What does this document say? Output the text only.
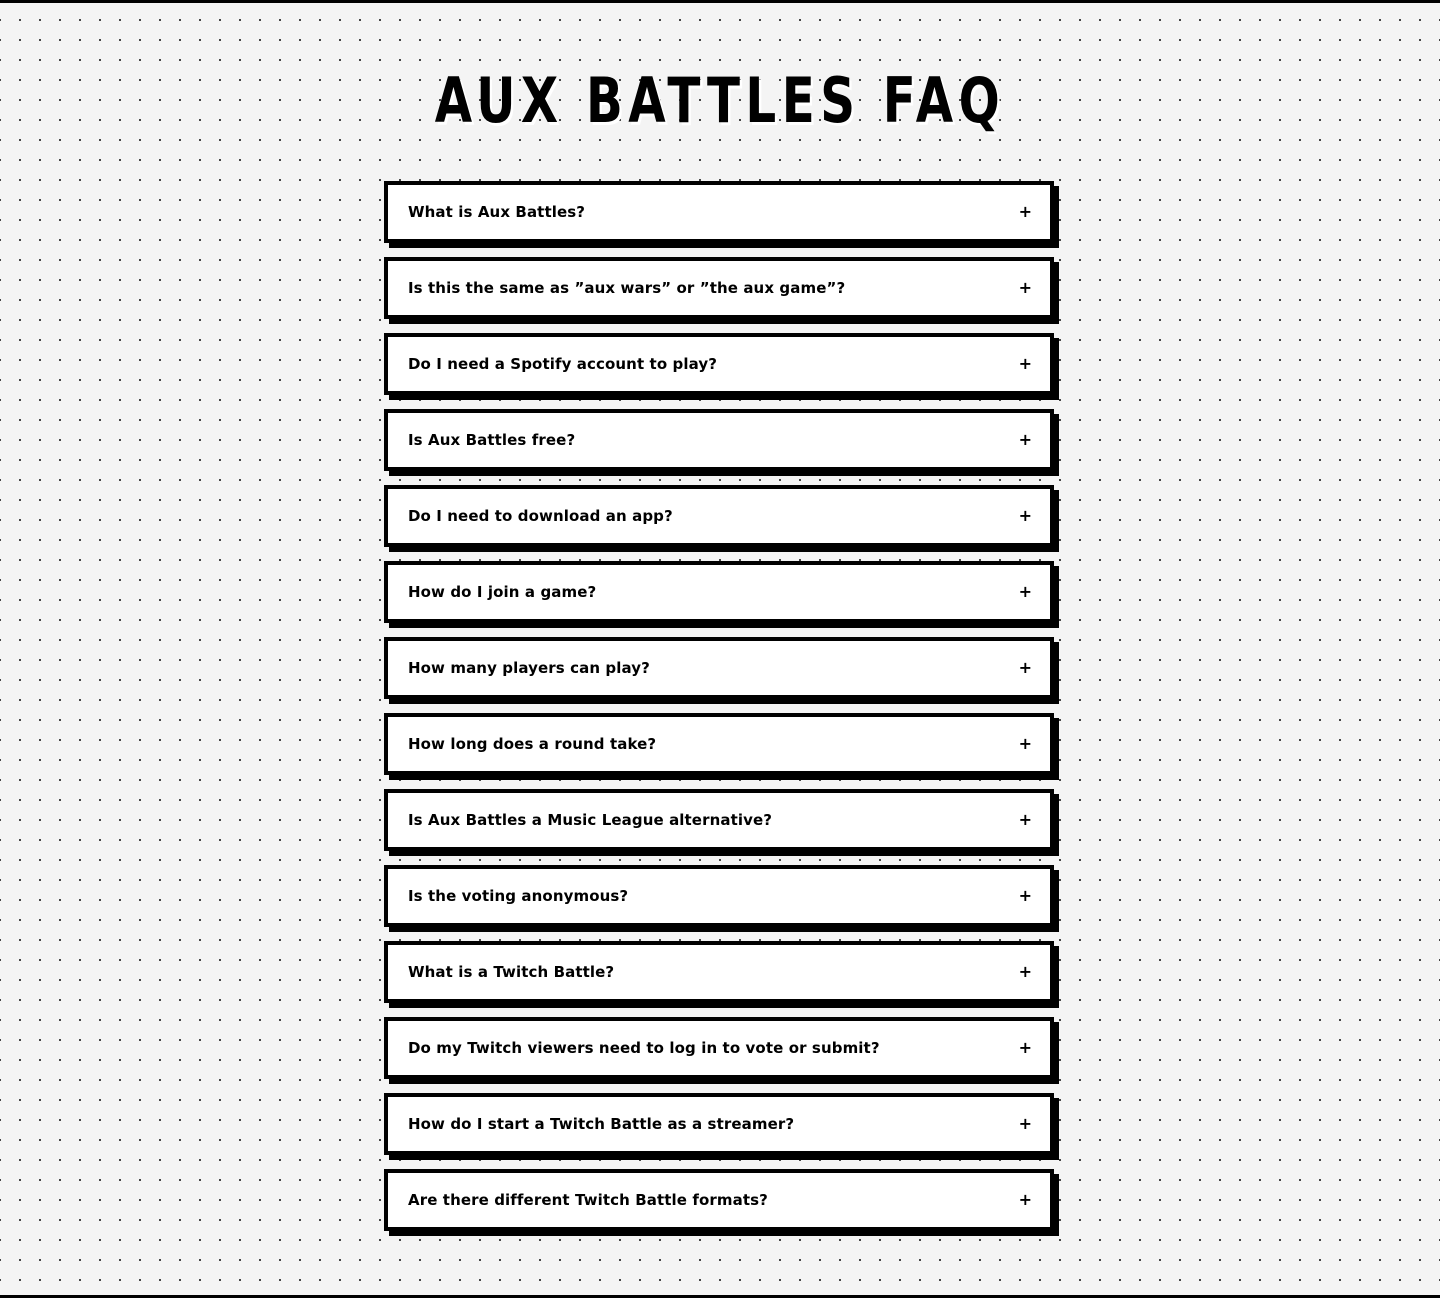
AUX BATTLES FAQ
What is Aux Battles?	+
Is this the same as ”aux wars” or ”the aux game”?	+
Do I need a Spotify account to play?	+
Is Aux Battles free?	+
Do I need to download an app?	+
How do I join a game?	+
How many players can play?	+
How long does a round take?	+
Is Aux Battles a Music League alternative?	+
Is the voting anonymous?	+
What is a Twitch Battle?	+
Do my Twitch viewers need to log in to vote or submit?	+
How do I start a Twitch Battle as a streamer?	+
Are there different Twitch Battle formats?	+
